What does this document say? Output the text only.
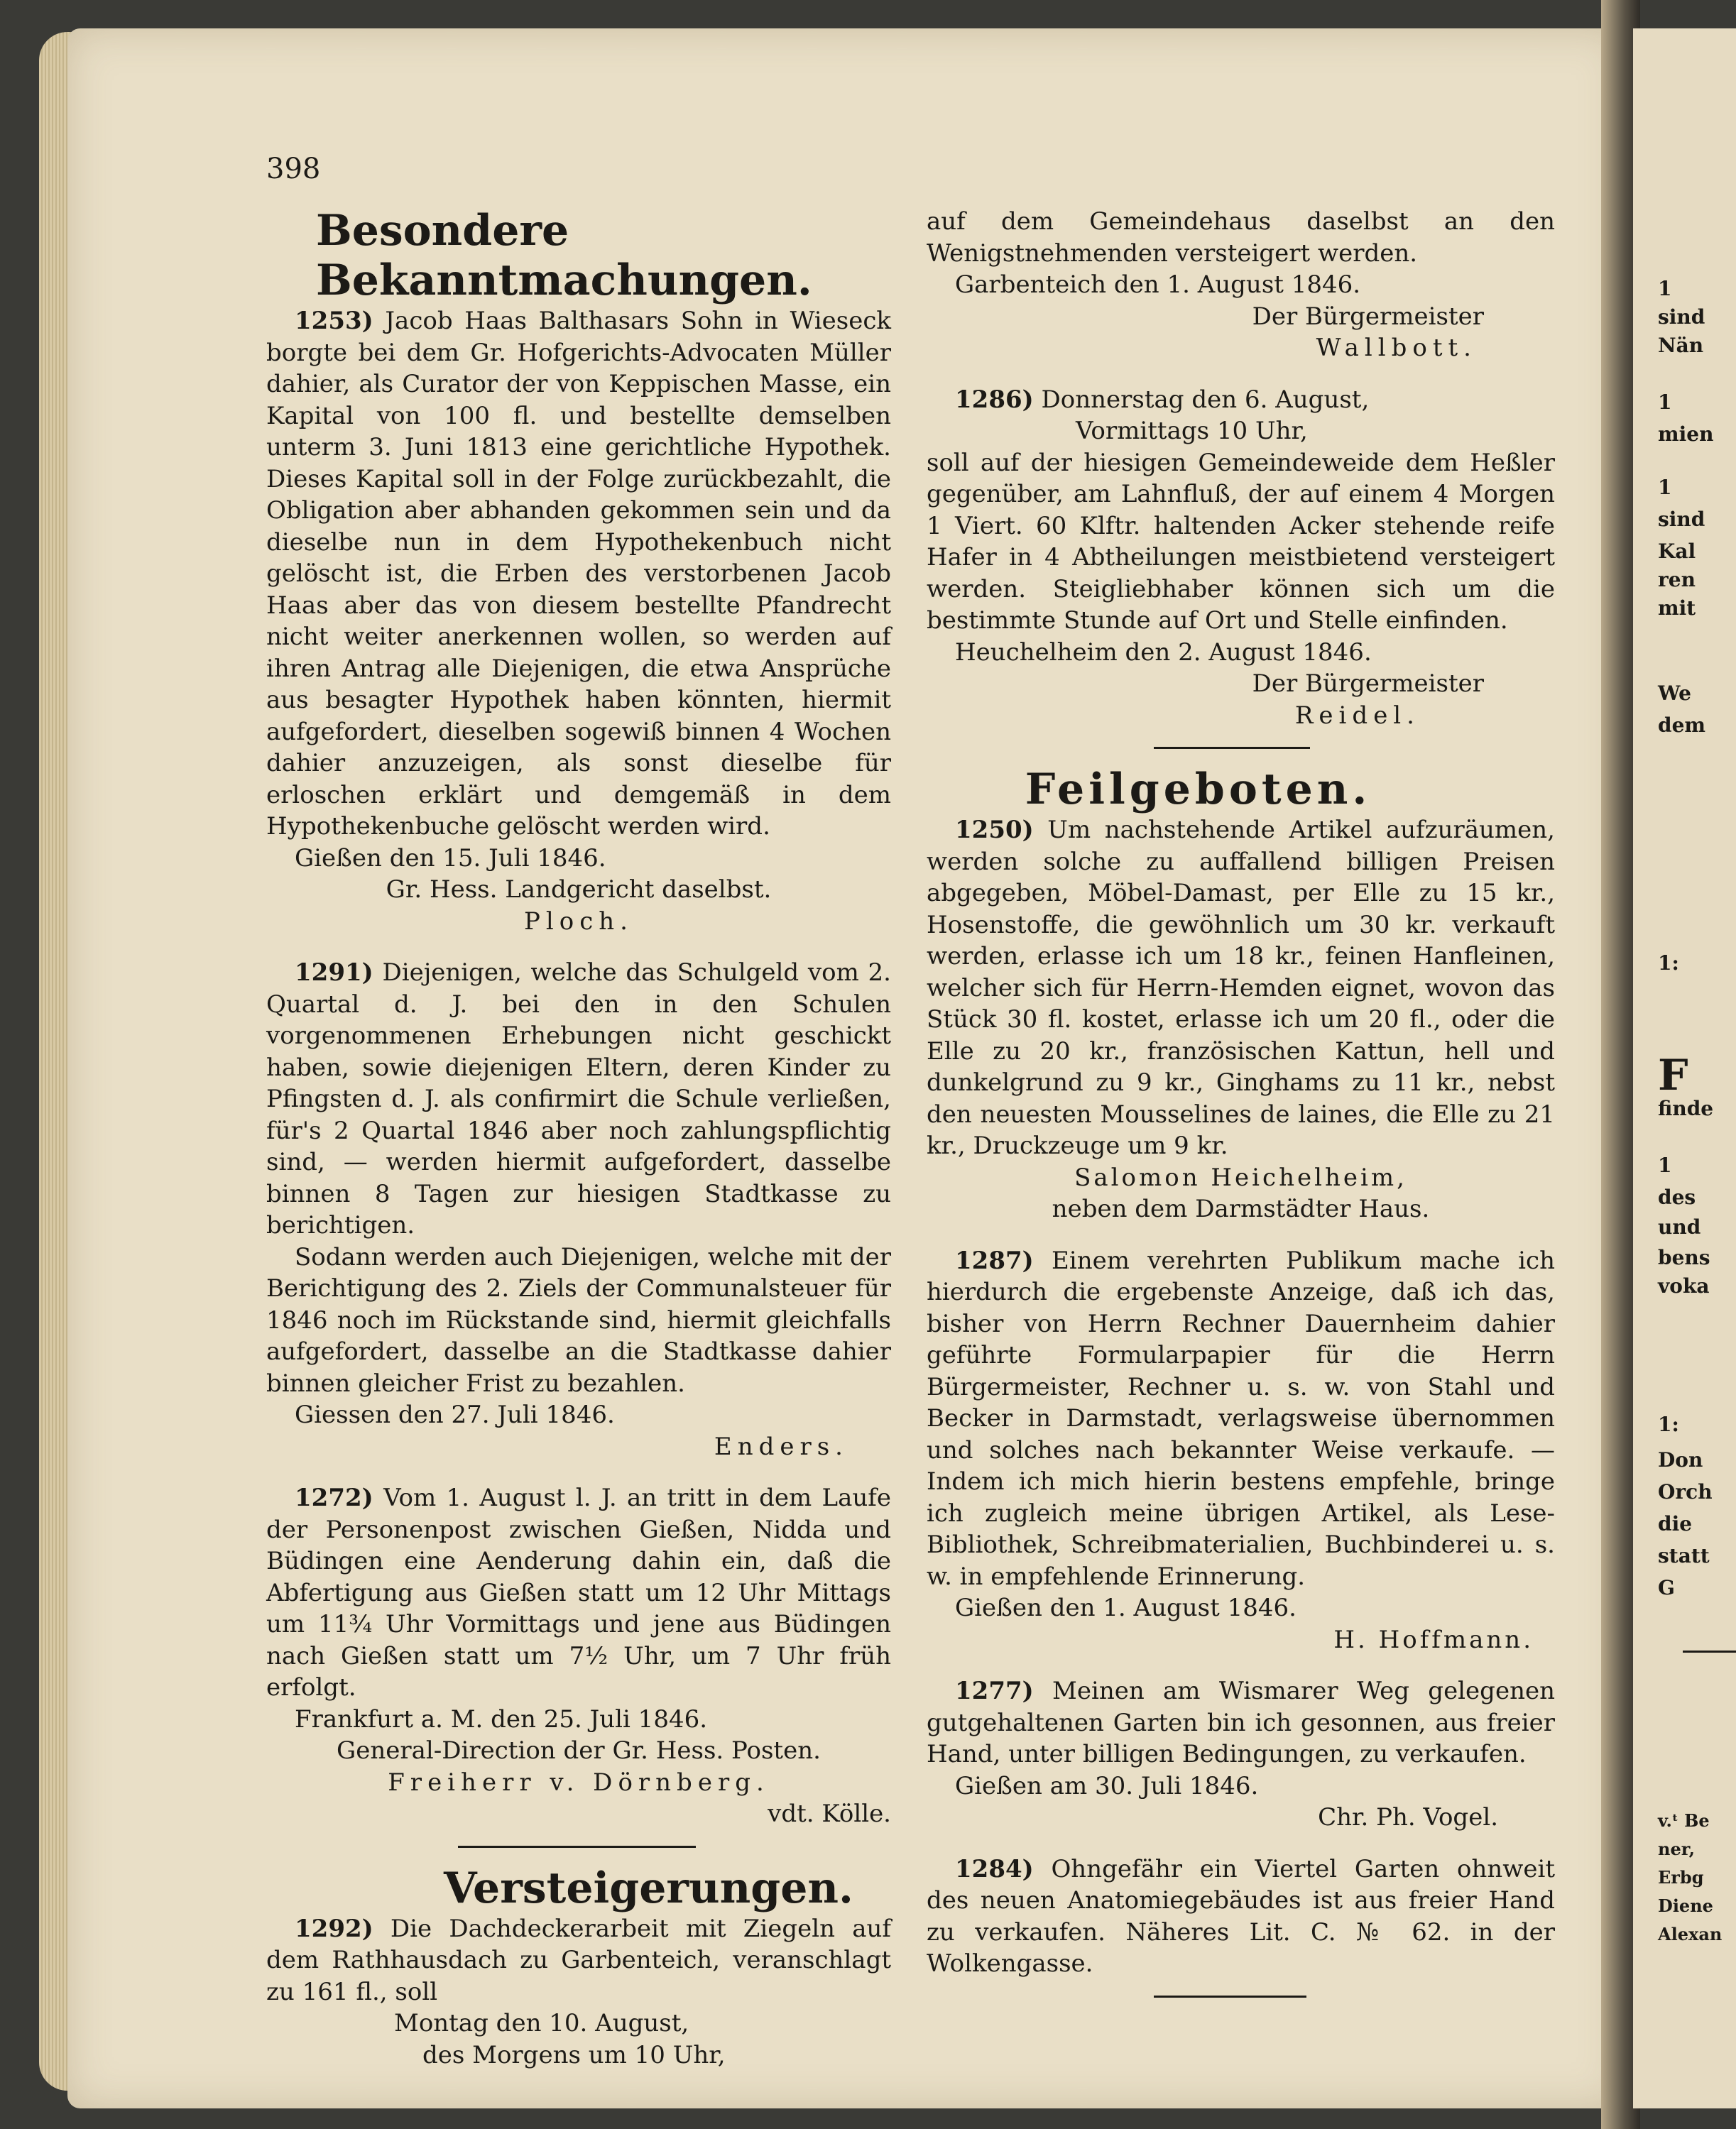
398
Besondere Bekanntmachungen.

1253) Jacob Haas Balthasars Sohn in Wieseck borgte bei dem Gr. Hofgerichts-Advocaten Müller dahier, als Curator der von Keppischen Masse, ein Kapital von 100 fl. und bestellte demselben unterm 3. Juni 1813 eine gerichtliche Hypothek. Dieses Kapital soll in der Folge zurückbezahlt, die Obligation aber abhanden gekommen sein und da dieselbe nun in dem Hypothekenbuch nicht gelöscht ist, die Erben des verstorbenen Jacob Haas aber das von diesem bestellte Pfandrecht nicht weiter anerkennen wollen, so werden auf ihren Antrag alle Diejenigen, die etwa Ansprüche aus besagter Hypothek haben könnten, hiermit aufgefordert, dieselben sogewiß binnen 4 Wochen dahier anzuzeigen, als sonst dieselbe für erloschen erklärt und demgemäß in dem Hypothekenbuche gelöscht werden wird.

Gießen den 15. Juli 1846.

Gr. Hess. Landgericht daselbst.

Ploch.

1291) Diejenigen, welche das Schulgeld vom 2. Quartal d. J. bei den in den Schulen vorgenommenen Erhebungen nicht geschickt haben, sowie diejenigen Eltern, deren Kinder zu Pfingsten d. J. als confirmirt die Schule verließen, für's 2 Quartal 1846 aber noch zahlungspflichtig sind, — werden hiermit aufgefordert, dasselbe binnen 8 Tagen zur hiesigen Stadtkasse zu berichtigen.

Sodann werden auch Diejenigen, welche mit der Berichtigung des 2. Ziels der Communalsteuer für 1846 noch im Rückstande sind, hiermit gleichfalls aufgefordert, dasselbe an die Stadtkasse dahier binnen gleicher Frist zu bezahlen.

Giessen den 27. Juli 1846.

Enders.

1272) Vom 1. August l. J. an tritt in dem Laufe der Personenpost zwischen Gießen, Nidda und Büdingen eine Aenderung dahin ein, daß die Abfertigung aus Gießen statt um 12 Uhr Mittags um 11¾ Uhr Vormittags und jene aus Büdingen nach Gießen statt um 7½ Uhr, um 7 Uhr früh erfolgt.

Frankfurt a. M. den 25. Juli 1846.

General-Direction der Gr. Hess. Posten.

Freiherr v. Dörnberg.

vdt. Kölle.

Versteigerungen.

1292) Die Dachdeckerarbeit mit Ziegeln auf dem Rathhausdach zu Garbenteich, veranschlagt zu 161 fl., soll

Montag den 10. August,

des Morgens um 10 Uhr,

auf dem Gemeindehaus daselbst an den Wenigstnehmenden versteigert werden.

Garbenteich den 1. August 1846.

Der Bürgermeister

Wallbott.

1286) Donnerstag den 6. August,

Vormittags 10 Uhr,

soll auf der hiesigen Gemeindeweide dem Heßler gegenüber, am Lahnfluß, der auf einem 4 Morgen 1 Viert. 60 Klftr. haltenden Acker stehende reife Hafer in 4 Abtheilungen meistbietend versteigert werden. Steigliebhaber können sich um die bestimmte Stunde auf Ort und Stelle einfinden.

Heuchelheim den 2. August 1846.

Der Bürgermeister

Reidel.

Feilgeboten.

1250) Um nachstehende Artikel aufzuräumen, werden solche zu auffallend billigen Preisen abgegeben, Möbel-Damast, per Elle zu 15 kr., Hosenstoffe, die gewöhnlich um 30 kr. verkauft werden, erlasse ich um 18 kr., feinen Hanfleinen, welcher sich für Herrn-Hemden eignet, wovon das Stück 30 fl. kostet, erlasse ich um 20 fl., oder die Elle zu 20 kr., französischen Kattun, hell und dunkelgrund zu 9 kr., Ginghams zu 11 kr., nebst den neuesten Mousselines de laines, die Elle zu 21 kr., Druckzeuge um 9 kr.

Salomon Heichelheim,

neben dem Darmstädter Haus.

1287) Einem verehrten Publikum mache ich hierdurch die ergebenste Anzeige, daß ich das, bisher von Herrn Rechner Dauernheim dahier geführte Formularpapier für die Herrn Bürgermeister, Rechner u. s. w. von Stahl und Becker in Darmstadt, verlagsweise übernommen und solches nach bekannter Weise verkaufe. — Indem ich mich hierin bestens empfehle, bringe ich zugleich meine übrigen Artikel, als Lese-Bibliothek, Schreibmaterialien, Buchbinderei u. s. w. in empfehlende Erinnerung.

Gießen den 1. August 1846.

H. Hoffmann.

1277) Meinen am Wismarer Weg gelegenen gutgehaltenen Garten bin ich gesonnen, aus freier Hand, unter billigen Bedingungen, zu verkaufen.

Gießen am 30. Juli 1846.

Chr. Ph. Vogel.

1284) Ohngefähr ein Viertel Garten ohnweit des neuen Anatomiegebäudes ist aus freier Hand zu verkaufen. Näheres Lit. C. № 62. in der Wolkengasse.

1
sind
Nän
1
mien
1
sind
Kal
ren
mit
We
dem
1:
F
finde
1
des
und
bens
voka
1:
Don
Orch
die
statt
G
v.ᵗ Be
ner,
Erbg
Diene
Alexan
